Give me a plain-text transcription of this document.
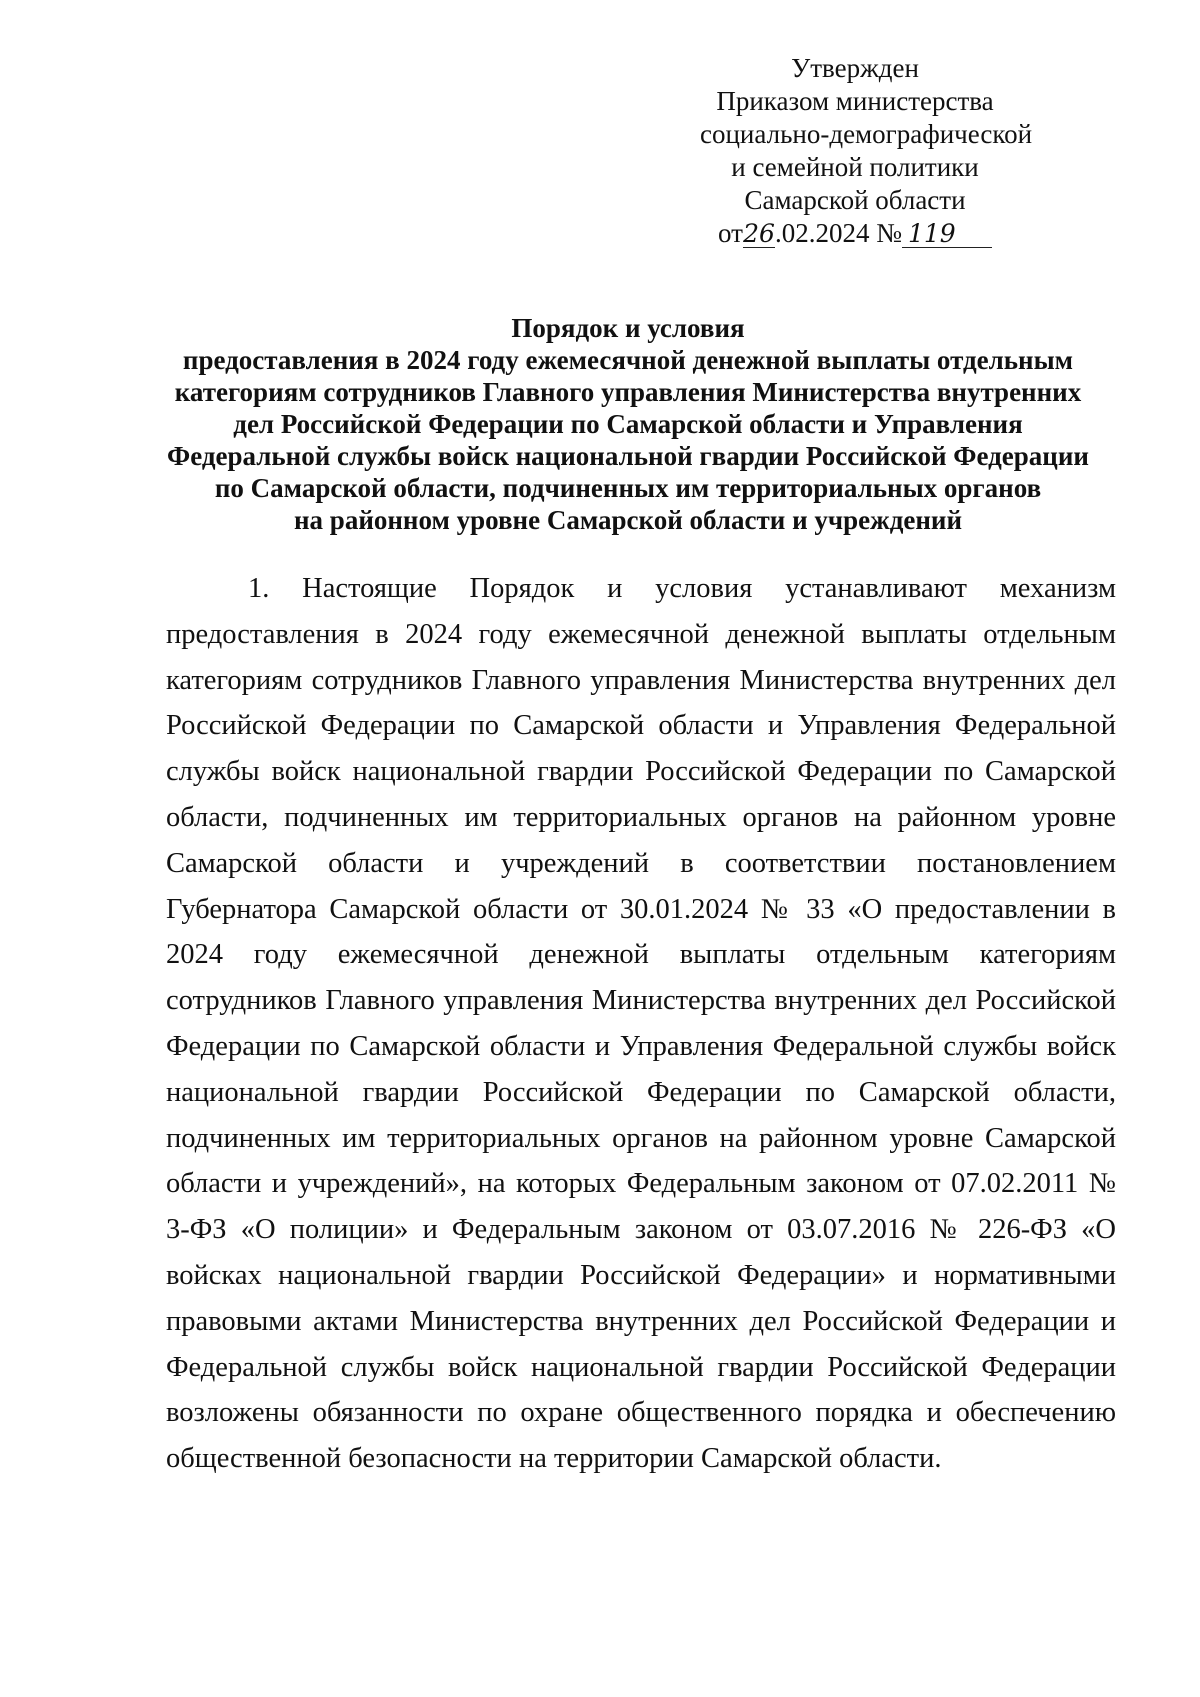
Утвержден
Приказом министерства
социально-демографической
и семейной политики
Самарской области
от26.02.2024 № 119
Порядок и условия
предоставления в 2024 году ежемесячной денежной выплаты отдельным
категориям сотрудников Главного управления Министерства внутренних
дел Российской Федерации по Самарской области и Управления
Федеральной службы войск национальной гвардии Российской Федерации
по Самарской области, подчиненных им территориальных органов
на районном уровне Самарской области и учреждений

1. Настоящие Порядок и условия устанавливают механизм предоставления в 2024 году ежемесячной денежной выплаты отдельным категориям сотрудников Главного управления Министерства внутренних дел Российской Федерации по Самарской области и Управления Федеральной службы войск национальной гвардии Российской Федерации по Самарской области, подчиненных им территориальных органов на районном уровне Самарской области и учреждений в соответствии постановлением Губернатора Самарской области от 30.01.2024 № 33 «О предоставлении в 2024 году ежемесячной денежной выплаты отдельным категориям сотрудников Главного управления Министерства внутренних дел Российской Федерации по Самарской области и Управления Федеральной службы войск национальной гвардии Российской Федерации по Самарской области, подчиненных им территориальных органов на районном уровне Самарской области и учреждений», на которых Федеральным законом от 07.02.2011 № 3-ФЗ «О полиции» и Федеральным законом от 03.07.2016 № 226-ФЗ «О войсках национальной гвардии Российской Федерации» и нормативными правовыми актами Министерства внутренних дел Российской Федерации и Федеральной службы войск национальной гвардии Российской Федерации возложены обязанности по охране общественного порядка и обеспечению общественной безопасности на территории Самарской области.
